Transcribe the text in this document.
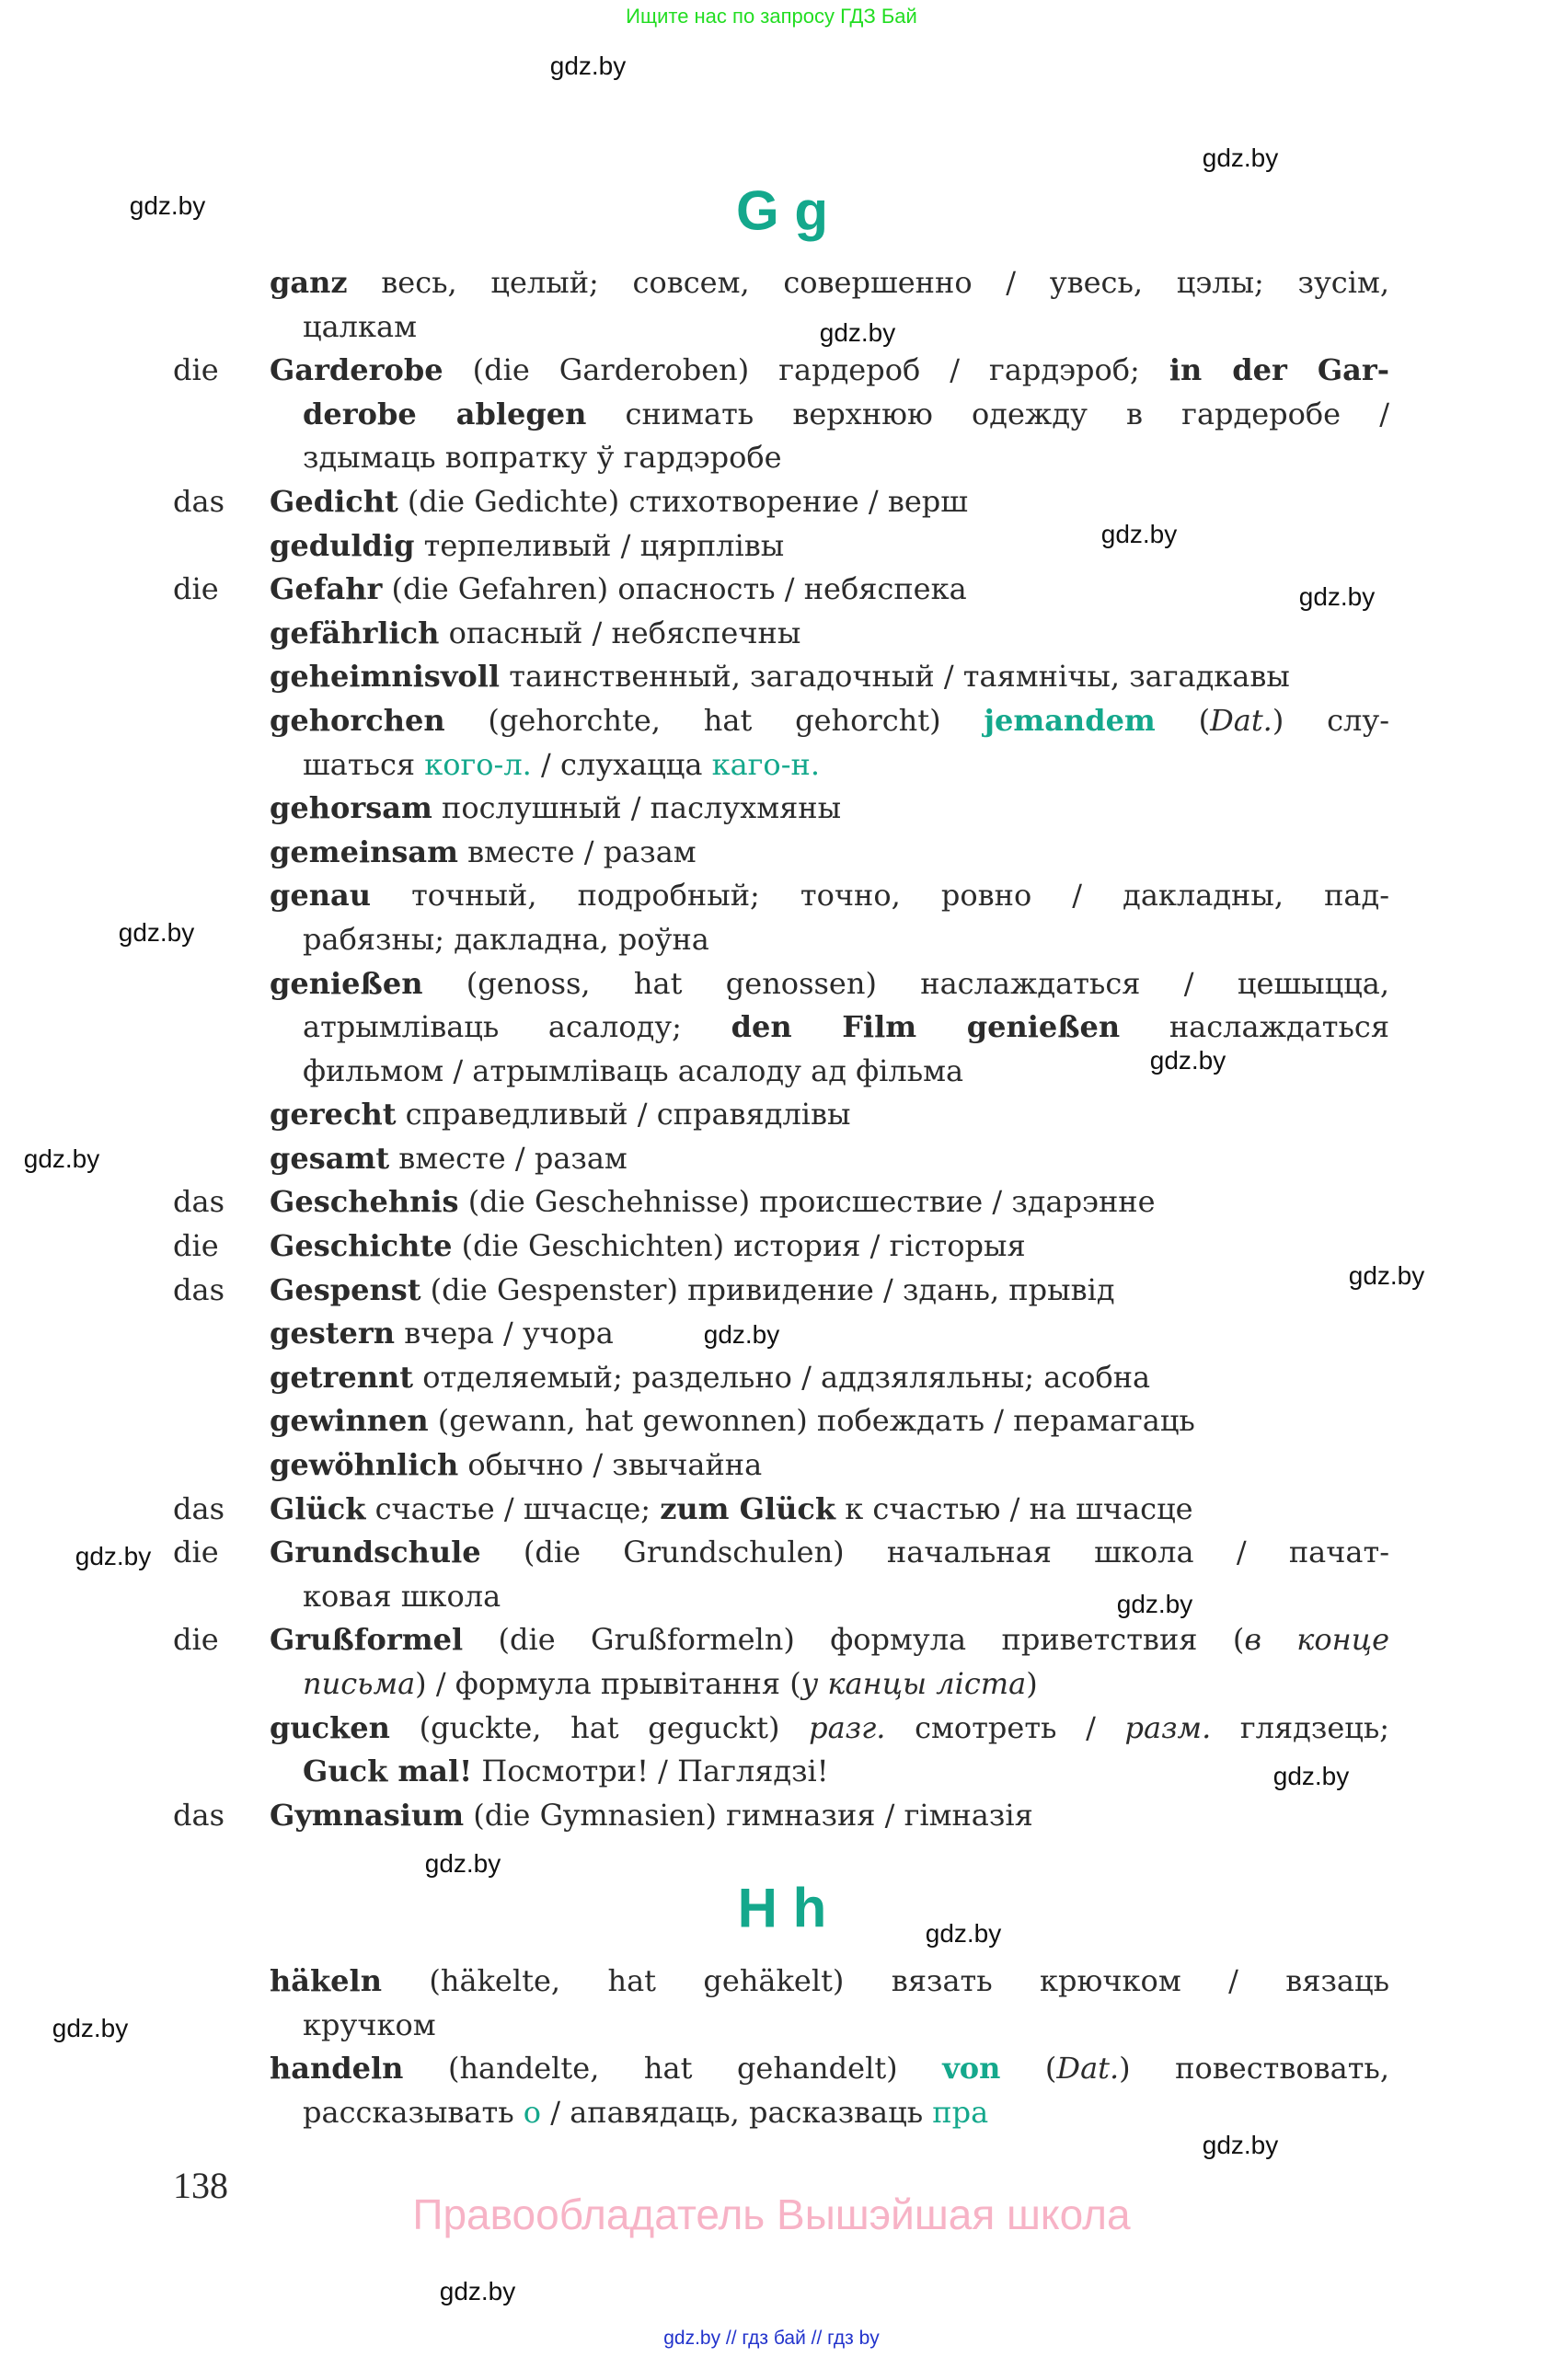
Ищите нас по запросу ГДЗ Бай
G g
ganz весь, целый; совсем, совершенно / увесь, цэлы; зусім,
цалкам
die Garderobe (die Garderoben) гардероб / гардэроб; in der Gar-
derobe ablegen снимать верхнюю одежду в гардеробе /
здымаць вопратку ў гардэробе
das Gedicht (die Gedichte) стихотворение / верш
geduldig терпеливый / цярплівы
die Gefahr (die Gefahren) опасность / небяспека
gefährlich опасный / небяспечны
geheimnisvoll таинственный, загадочный / таямнічы, загадкавы
gehorchen (gehorchte, hat gehorcht) jemandem (Dat.) слу-
шаться кого-л. / слухацца каго-н.
gehorsam послушный / паслухмяны
gemeinsam вместе / разам
genau точный, подробный; точно, ровно / дакладны, пад-
рабязны; дакладна, роўна
genießen (genoss, hat genossen) наслаждаться / цешыцца,
атрымліваць асалоду; den Film genießen наслаждаться
фильмом / атрымліваць асалоду ад фільма
gerecht справедливый / справядлівы
gesamt вместе / разам
das Geschehnis (die Geschehnisse) происшествие / здарэнне
die Geschichte (die Geschichten) история / гісторыя
das Gespenst (die Gespenster) привидение / здань, прывід
gestern вчера / учора
getrennt отделяемый; раздельно / аддзяляльны; асобна
gewinnen (gewann, hat gewonnen) побеждать / перамагаць
gewöhnlich обычно / звычайна
das Glück счастье / шчасце; zum Glück к счастью / на шчасце
die Grundschule (die Grundschulen) начальная школа / пачат-
ковая школа
die Grußformel (die Grußformeln) формула приветствия (в конце
письма) / формула прывітання (у канцы ліста)
gucken (guckte, hat geguckt) разг. смотреть / разм. глядзець;
Guck mal! Посмотри! / Паглядзі!
das Gymnasium (die Gymnasien) гимназия / гімназія
H h
häkeln (häkelte, hat gehäkelt) вязать крючком / вязаць
кручком
handeln (handelte, hat gehandelt) von (Dat.) повествовать,
рассказывать о / апавядаць, расказваць пра
138
Правообладатель Вышэйшая школа
gdz.by // гдз бай // гдз by
gdz.by
gdz.by
gdz.by
gdz.by
gdz.by
gdz.by
gdz.by
gdz.by
gdz.by
gdz.by
gdz.by
gdz.by
gdz.by
gdz.by
gdz.by
gdz.by
gdz.by
gdz.by
gdz.by
